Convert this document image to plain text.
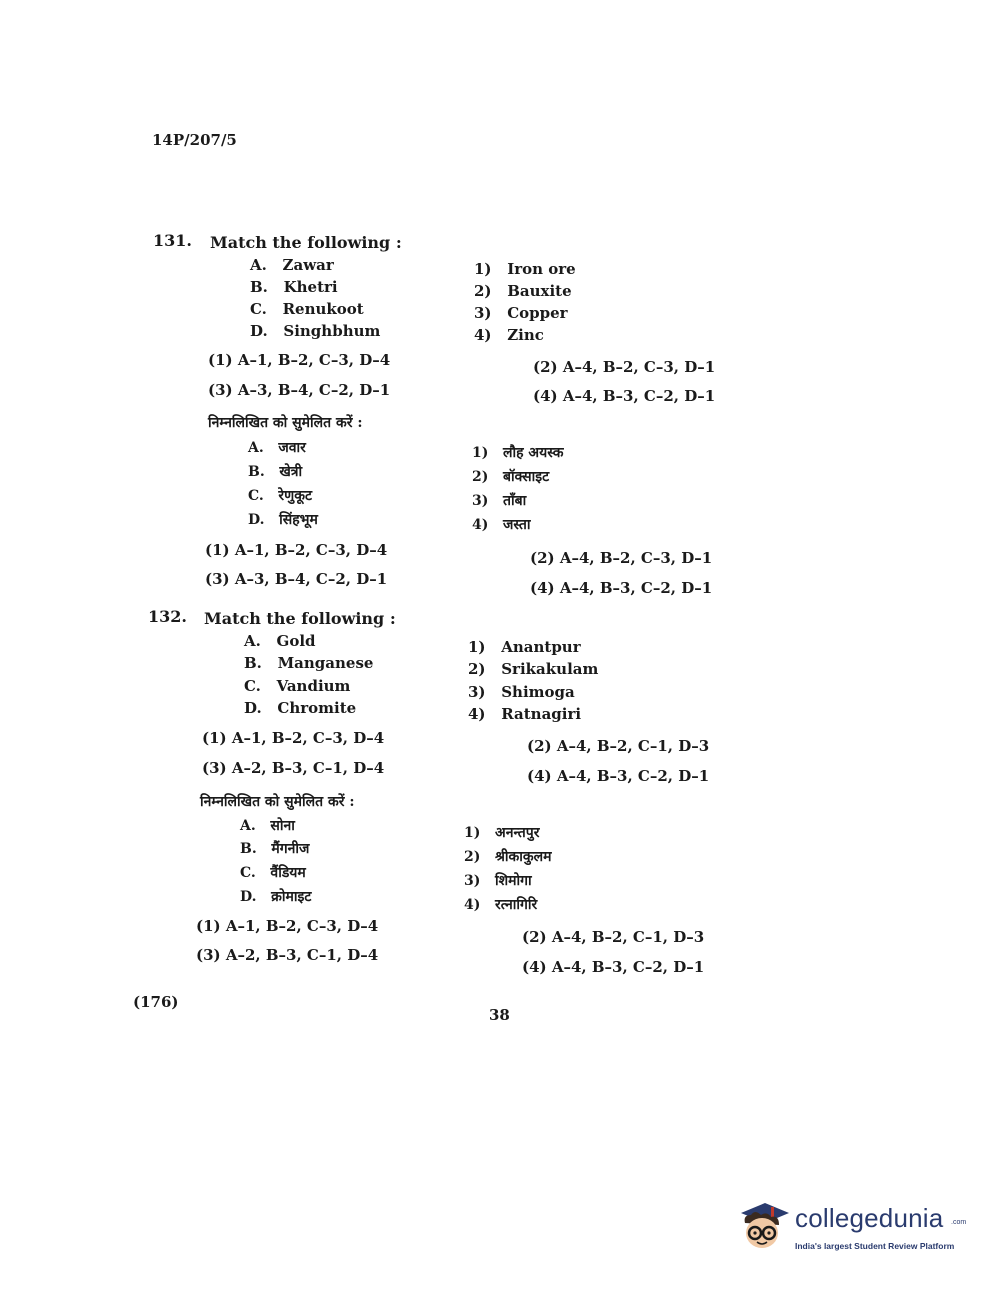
14P/207/5
131. Match the following :
A. Zawar
B. Khetri
C. Renukoot
D. Singhbhum
1) Iron ore
2) Bauxite
3) Copper
4) Zinc
(1) A–1, B–2, C–3, D–4	(2) A–4, B–2, C–3, D–1
(3) A–3, B–4, C–2, D–1	(4) A–4, B–3, C–2, D–1
निम्नलिखित को सुमेलित करें :
A. जवार
B. खेत्री
C. रेणुकूट
D. सिंहभूम
1) लौह अयस्क
2) बॉक्साइट
3) ताँबा
4) जस्ता
(1) A–1, B–2, C–3, D–4	(2) A–4, B–2, C–3, D–1
(3) A–3, B–4, C–2, D–1	(4) A–4, B–3, C–2, D–1
132. Match the following :
A. Gold
B. Manganese
C. Vandium
D. Chromite
1) Anantpur
2) Srikakulam
3) Shimoga
4) Ratnagiri
(1) A–1, B–2, C–3, D–4	(2) A–4, B–2, C–1, D–3
(3) A–2, B–3, C–1, D–4	(4) A–4, B–3, C–2, D–1
निम्नलिखित को सुमेलित करें :
A. सोना
B. मैंगनीज
C. वैंडियम
D. क्रोमाइट
1) अनन्तपुर
2) श्रीकाकुलम
3) शिमोगा
4) रत्नागिरि
(1) A–1, B–2, C–3, D–4
(2) A–4, B–2, C–1, D–3
(3) A–2, B–3, C–1, D–4
(4) A–4, B–3, C–2, D–1
(176)
38
collegedunia .com
India's largest Student Review Platform
